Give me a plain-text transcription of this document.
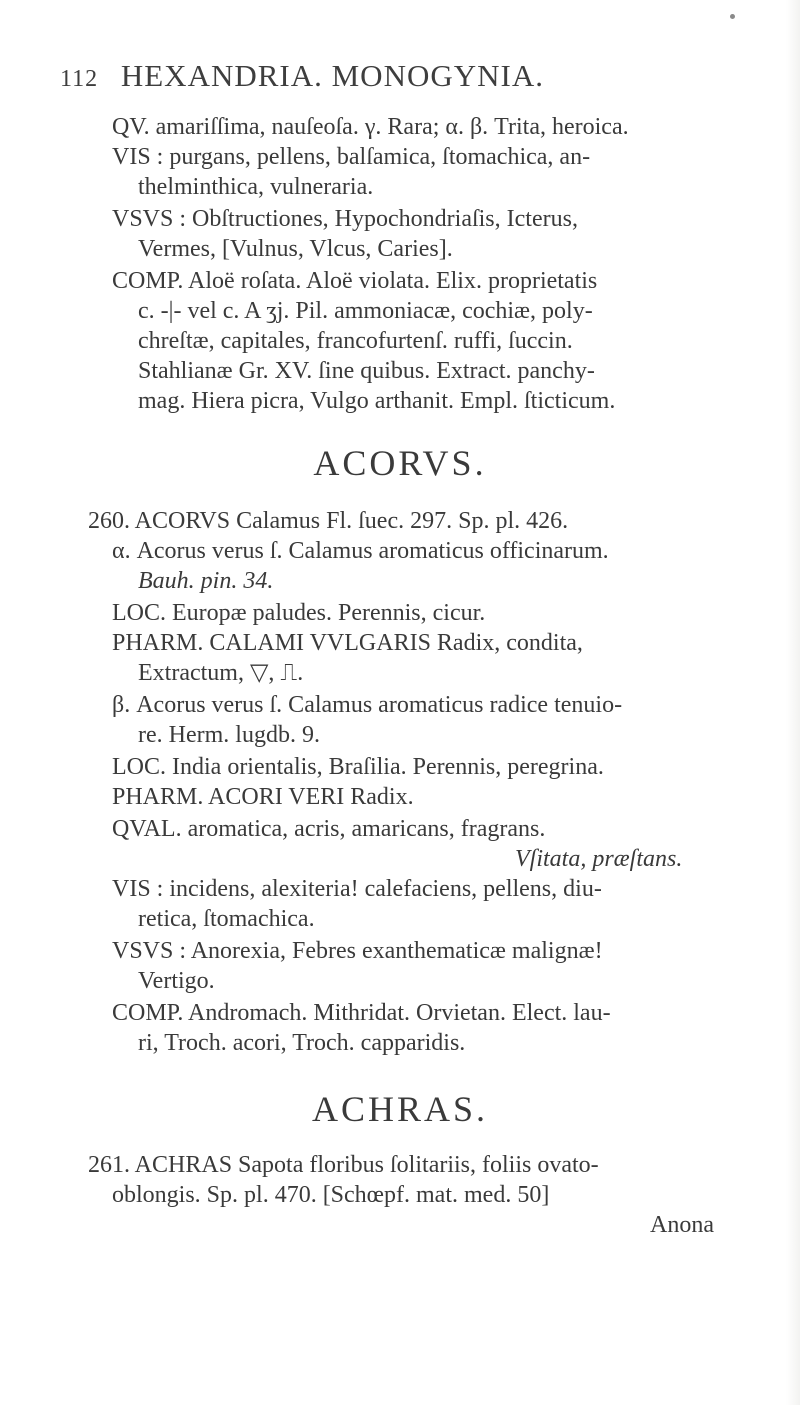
112 HEXANDRIA. MONOGYNIA.
QV. amariſſima, nauſeoſa. γ. Rara; α. β. Trita, heroica.
VIS : purgans, pellens, balſamica, ſtomachica, an-
thelminthica, vulneraria.
VSVS : Obſtructiones, Hypochondriaſis, Icterus,
Vermes, [Vulnus, Vlcus, Caries].
COMP. Aloë roſata. Aloë violata. Elix. proprietatis
c. -|- vel c. A ʒj. Pil. ammoniacæ, cochiæ, poly-
chreſtæ, capitales, francofurtenſ. ruffi, ſuccin.
Stahlianæ Gr. XV. ſine quibus. Extract. panchy-
mag. Hiera picra, Vulgo arthanit. Empl. ſticticum.
ACORVS.
260. ACORVS Calamus Fl. ſuec. 297. Sp. pl. 426.
α. Acorus verus ſ. Calamus aromaticus officinarum.
Bauh. pin. 34.
LOC. Europæ paludes. Perennis, cicur.
PHARM. CALAMI VVLGARIS Radix, condita,
Extractum, ▽, ⎍.
β. Acorus verus ſ. Calamus aromaticus radice tenuio-
re. Herm. lugdb. 9.
LOC. India orientalis, Braſilia. Perennis, peregrina.
PHARM. ACORI VERI Radix.
QVAL. aromatica, acris, amaricans, fragrans.
Vſitata, præſtans.
VIS : incidens, alexiteria! calefaciens, pellens, diu-
retica, ſtomachica.
VSVS : Anorexia, Febres exanthematicæ malignæ!
Vertigo.
COMP. Andromach. Mithridat. Orvietan. Elect. lau-
ri, Troch. acori, Troch. capparidis.
ACHRAS.
261. ACHRAS Sapota floribus ſolitariis, foliis ovato-
oblongis. Sp. pl. 470. [Schœpf. mat. med. 50]
Anona
